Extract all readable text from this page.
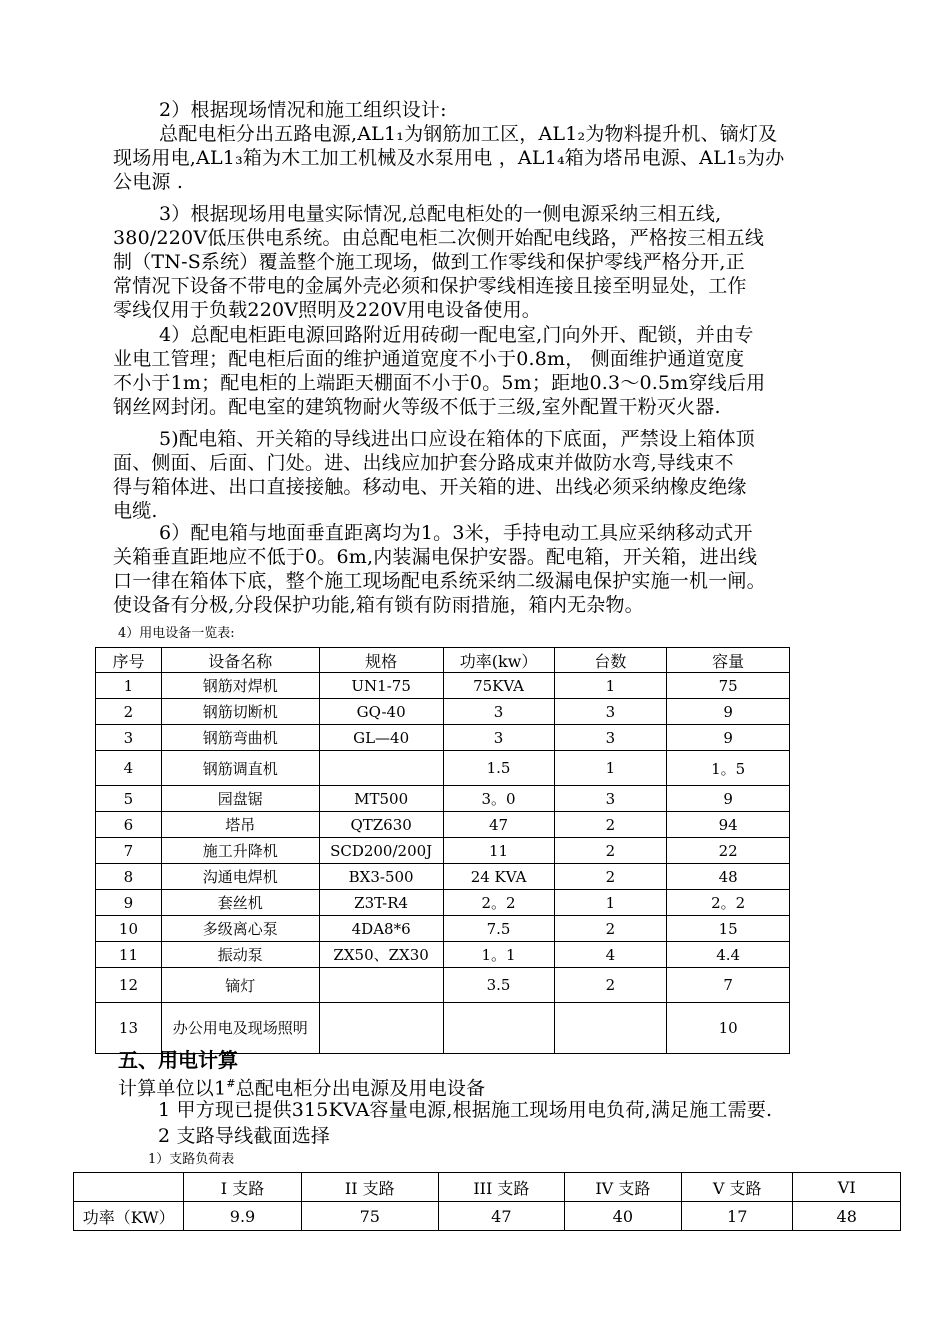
2）根据现场情况和施工组织设计:
总配电柜分出五路电源,AL1₁为钢筋加工区，AL1₂为物料提升机、镝灯及
现场用电,AL1₃箱为木工加工机械及水泵用电 ，AL1₄箱为塔吊电源、AL1₅为办
公电源 .
3）根据现场用电量实际情况,总配电柜处的一侧电源采纳三相五线,
380/220V低压供电系统。由总配电柜二次侧开始配电线路，严格按三相五线
制（TN-S系统）覆盖整个施工现场，做到工作零线和保护零线严格分开,正
常情况下设备不带电的金属外壳必须和保护零线相连接且接至明显处，工作
零线仅用于负载220V照明及220V用电设备使用。
4）总配电柜距电源回路附近用砖砌一配电室,门向外开、配锁，并由专
业电工管理；配电柜后面的维护通道宽度不小于0.8m， 侧面维护通道宽度
不小于1m；配电柜的上端距天棚面不小于0。5m；距地0.3～0.5m穿线后用
钢丝网封闭。配电室的建筑物耐火等级不低于三级,室外配置干粉灭火器.
5)配电箱、开关箱的导线进出口应设在箱体的下底面，严禁设上箱体顶
面、侧面、后面、门处。进、出线应加护套分路成束并做防水弯,导线束不
得与箱体进、出口直接接触。移动电、开关箱的进、出线必须采纳橡皮绝缘
电缆.
6）配电箱与地面垂直距离均为1。3米，手持电动工具应采纳移动式开
关箱垂直距地应不低于0。6m,内装漏电保护安器。配电箱，开关箱，进出线
口一律在箱体下底，整个施工现场配电系统采纳二级漏电保护实施一机一闸。
使设备有分极,分段保护功能,箱有锁有防雨措施，箱内无杂物。
4）用电设备一览表:
序号	设备名称	规格	功率(kw）	台数	容量
1	钢筋对焊机	UN1-75	75KVA	1	75
2	钢筋切断机	GQ-40	3	3	9
3	钢筋弯曲机	GL—40	3	3	9
4	钢筋调直机		1.5	1	1。5
5	园盘锯	MT500	3。0	3	9
6	塔吊	QTZ630	47	2	94
7	施工升降机	SCD200/200J	11	2	22
8	沟通电焊机	BX3-500	24 KVA	2	48
9	套丝机	Z3T-R4	2。2	1	2。2
10	多级离心泵	4DA8*6	7.5	2	15
11	振动泵	ZX50、ZX30	1。1	4	4.4
12	镝灯		3.5	2	7
13	办公用电及现场照明				10
五、用电计算
计算单位以1#总配电柜分出电源及用电设备
1 甲方现已提供315KVA容量电源,根据施工现场用电负荷,满足施工需要.
2 支路导线截面选择
1）支路负荷表
	I 支路	II 支路	III 支路	IV 支路	V 支路	VI
功率（KW）	9.9	75	47	40	17	48
